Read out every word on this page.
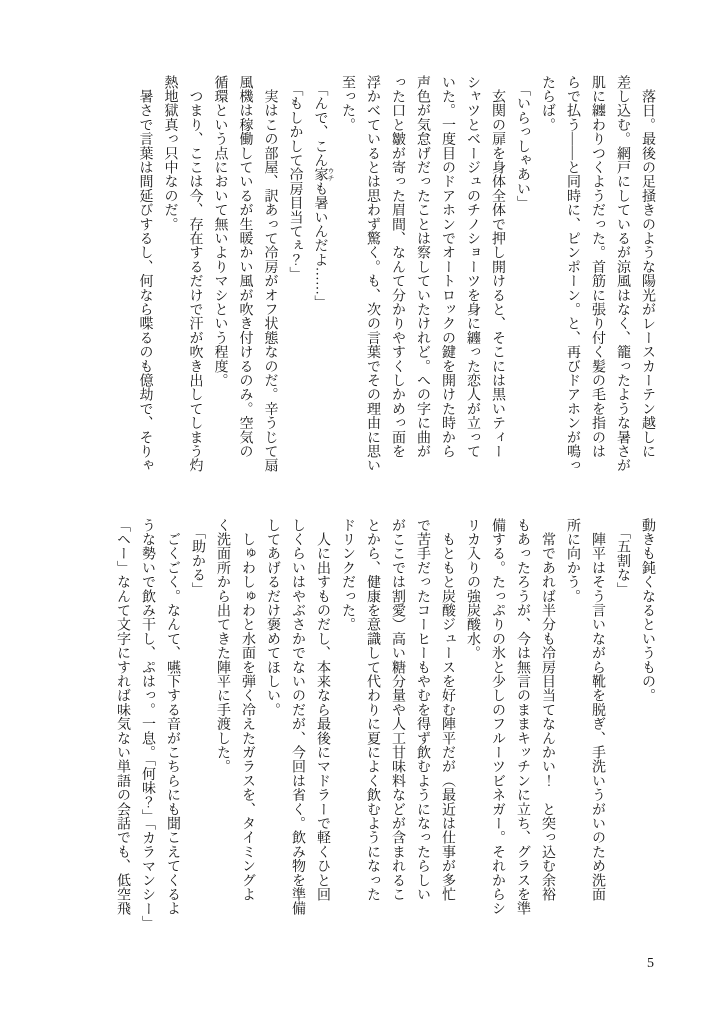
　落日。最後の足掻きのような陽光がレースカーテン越しに
差し込む。網戸にしているが涼風はなく、籠ったような暑さが
肌に纏わりつくようだった。首筋に張り付く髪の毛を指のは
らで払う――と同時に、ピンポーン。と、再びドアホンが鳴っ
たらば。
　「いらっしゃあい」
　玄関の扉を身体全体で押し開けると、そこには黒いティー
シャツとベージュのチノショーツを身に纏った恋人が立って
いた。一度目のドアホンでオートロックの鍵を開けた時から
声色が気怠げだったことは察していたけれど。への字に曲が
った口と皺が寄った眉間、なんて分かりやすくしかめっ面を
浮かべているとは思わず驚く。も、次の言葉でその理由に思い
至った。
　「んで、こん家 ウチも暑いんだよ……」
　「もしかして冷房目当てぇ？」
　実はこの部屋、訳あって冷房がオフ状態なのだ。辛うじて扇
風機は稼働しているが生暖かい風が吹き付けるのみ。空気の
循環という点において無いよりマシという程度。
　つまり、ここは今、存在するだけで汗が吹き出してしまう灼
熱地獄真っ只中なのだ。
　暑さで言葉は間延びするし、何なら喋るのも億劫で、そりゃ
動きも鈍くなるというもの。
　「五割な」
　陣平はそう言いながら靴を脱ぎ、手洗いうがいのため洗面
所に向かう。
　常であれば半分も冷房目当てなんかい！　と突っ込む余裕
もあったろうが、今は無言のままキッチンに立ち、グラスを準
備する。たっぷりの氷と少しのフルーツビネガー。それからシ
リカ入りの強炭酸水。
　もともと炭酸ジュースを好む陣平だが（最近は仕事が多忙
で苦手だったコーヒーもやむを得ず飲むようになったらしい
がここでは割愛）高い糖分量や人工甘味料などが含まれるこ
とから、健康を意識して代わりに夏によく飲むようになった
ドリンクだった。
　人に出すものだし、本来なら最後にマドラーで軽くひと回
しくらいはやぶさかでないのだが、今回は省く。飲み物を準備
してあげるだけ褒めてほしい。
　しゅわしゅわと水面を弾く冷えたガラスを、タイミングよ
く洗面所から出てきた陣平に手渡した。
　「助かる」
　ごくごく。なんて、嚥下する音がこちらにも聞こえてくるよ
うな勢いで飲み干し、ぷはっ。一息。「何味？」「カラマンシー」
「ヘー」なんて文字にすれば味気ない単語の会話でも、低空飛
5
